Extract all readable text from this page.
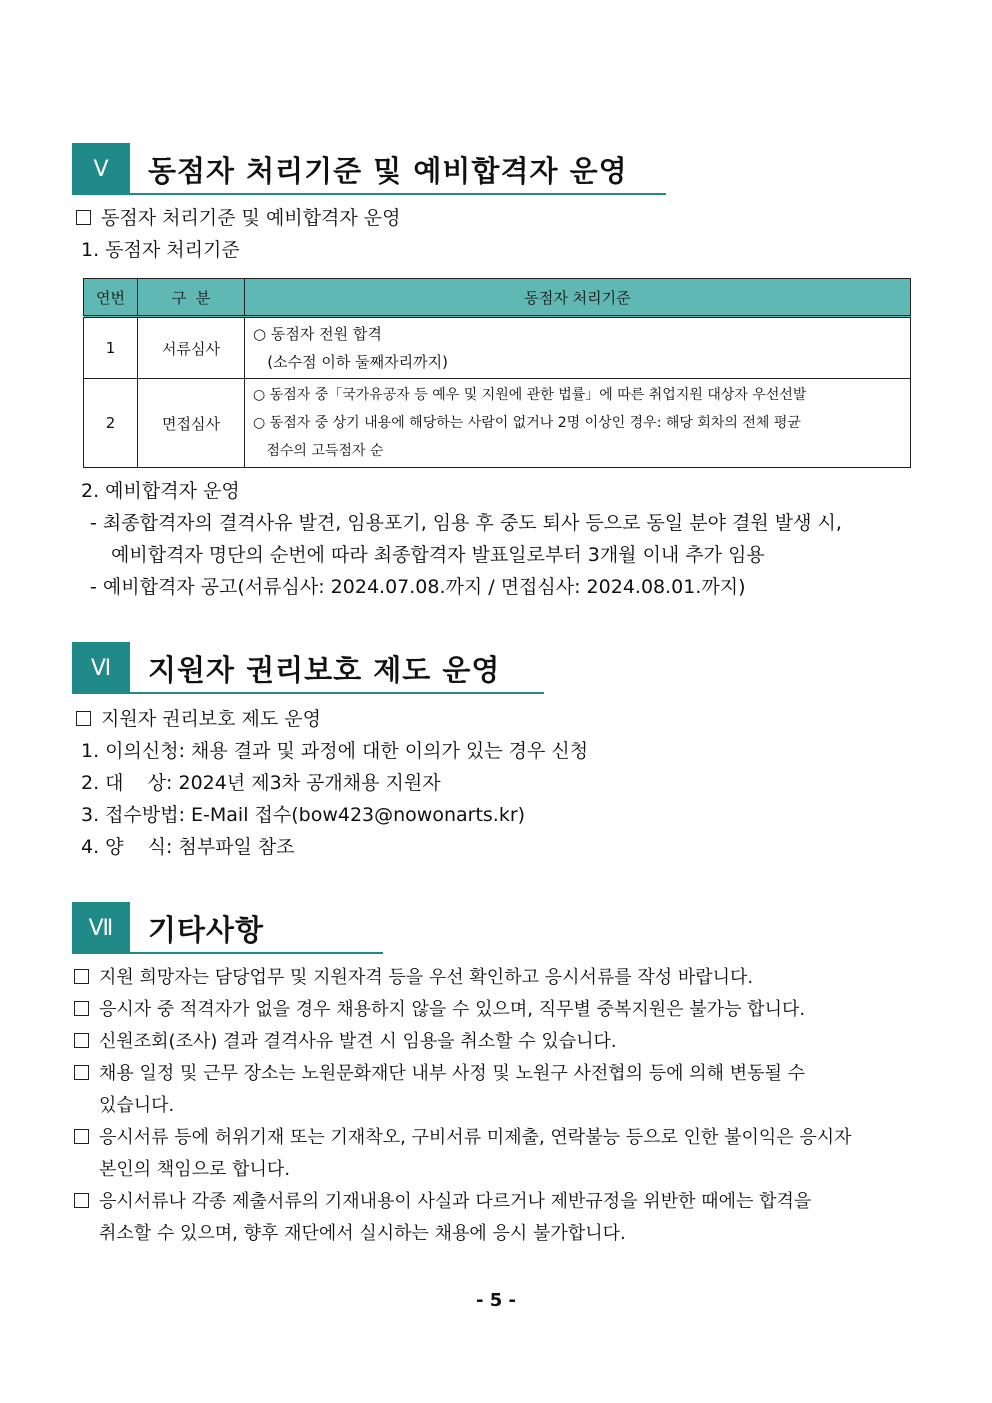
Ⅴ	동점자 처리기준 및 예비합격자 운영
동점자 처리기준 및 예비합격자 운영
1. 동점자 처리기준
연번	구  분	동점자 처리기준
1	서류심사	○ 동점자 전원 합격
(소수점 이하 둘째자리까지)

2	면접심사	○ 동점자 중「국가유공자 등 예우 및 지원에 관한 법률」에 따른 취업지원 대상자 우선선발
○ 동점자 중 상기 내용에 해당하는 사람이 없거나 2명 이상인 경우: 해당 회차의 전체 평균
점수의 고득점자 순
2. 예비합격자 운영
- 최종합격자의 결격사유 발견, 임용포기, 임용 후 중도 퇴사 등으로 동일 분야 결원 발생 시,
예비합격자 명단의 순번에 따라 최종합격자 발표일로부터 3개월 이내 추가 임용
- 예비합격자 공고(서류심사: 2024.07.08.까지 / 면접심사: 2024.08.01.까지)
Ⅵ	지원자 권리보호 제도 운영
지원자 권리보호 제도 운영
1. 이의신청: 채용 결과 및 과정에 대한 이의가 있는 경우 신청
2. 대    상: 2024년 제3차 공개채용 지원자
3. 접수방법: E-Mail 접수(bow423@nowonarts.kr)
4. 양    식: 첨부파일 참조
Ⅶ	기타사항
지원 희망자는 담당업무 및 지원자격 등을 우선 확인하고 응시서류를 작성 바랍니다.
응시자 중 적격자가 없을 경우 채용하지 않을 수 있으며, 직무별 중복지원은 불가능 합니다.
신원조회(조사) 결과 결격사유 발견 시 임용을 취소할 수 있습니다.
채용 일정 및 근무 장소는 노원문화재단 내부 사정 및 노원구 사전협의 등에 의해 변동될 수
있습니다.
응시서류 등에 허위기재 또는 기재착오, 구비서류 미제출, 연락불능 등으로 인한 불이익은 응시자
본인의 책임으로 합니다.
응시서류나 각종 제출서류의 기재내용이 사실과 다르거나 제반규정을 위반한 때에는 합격을
취소할 수 있으며, 향후 재단에서 실시하는 채용에 응시 불가합니다.
- 5 -
